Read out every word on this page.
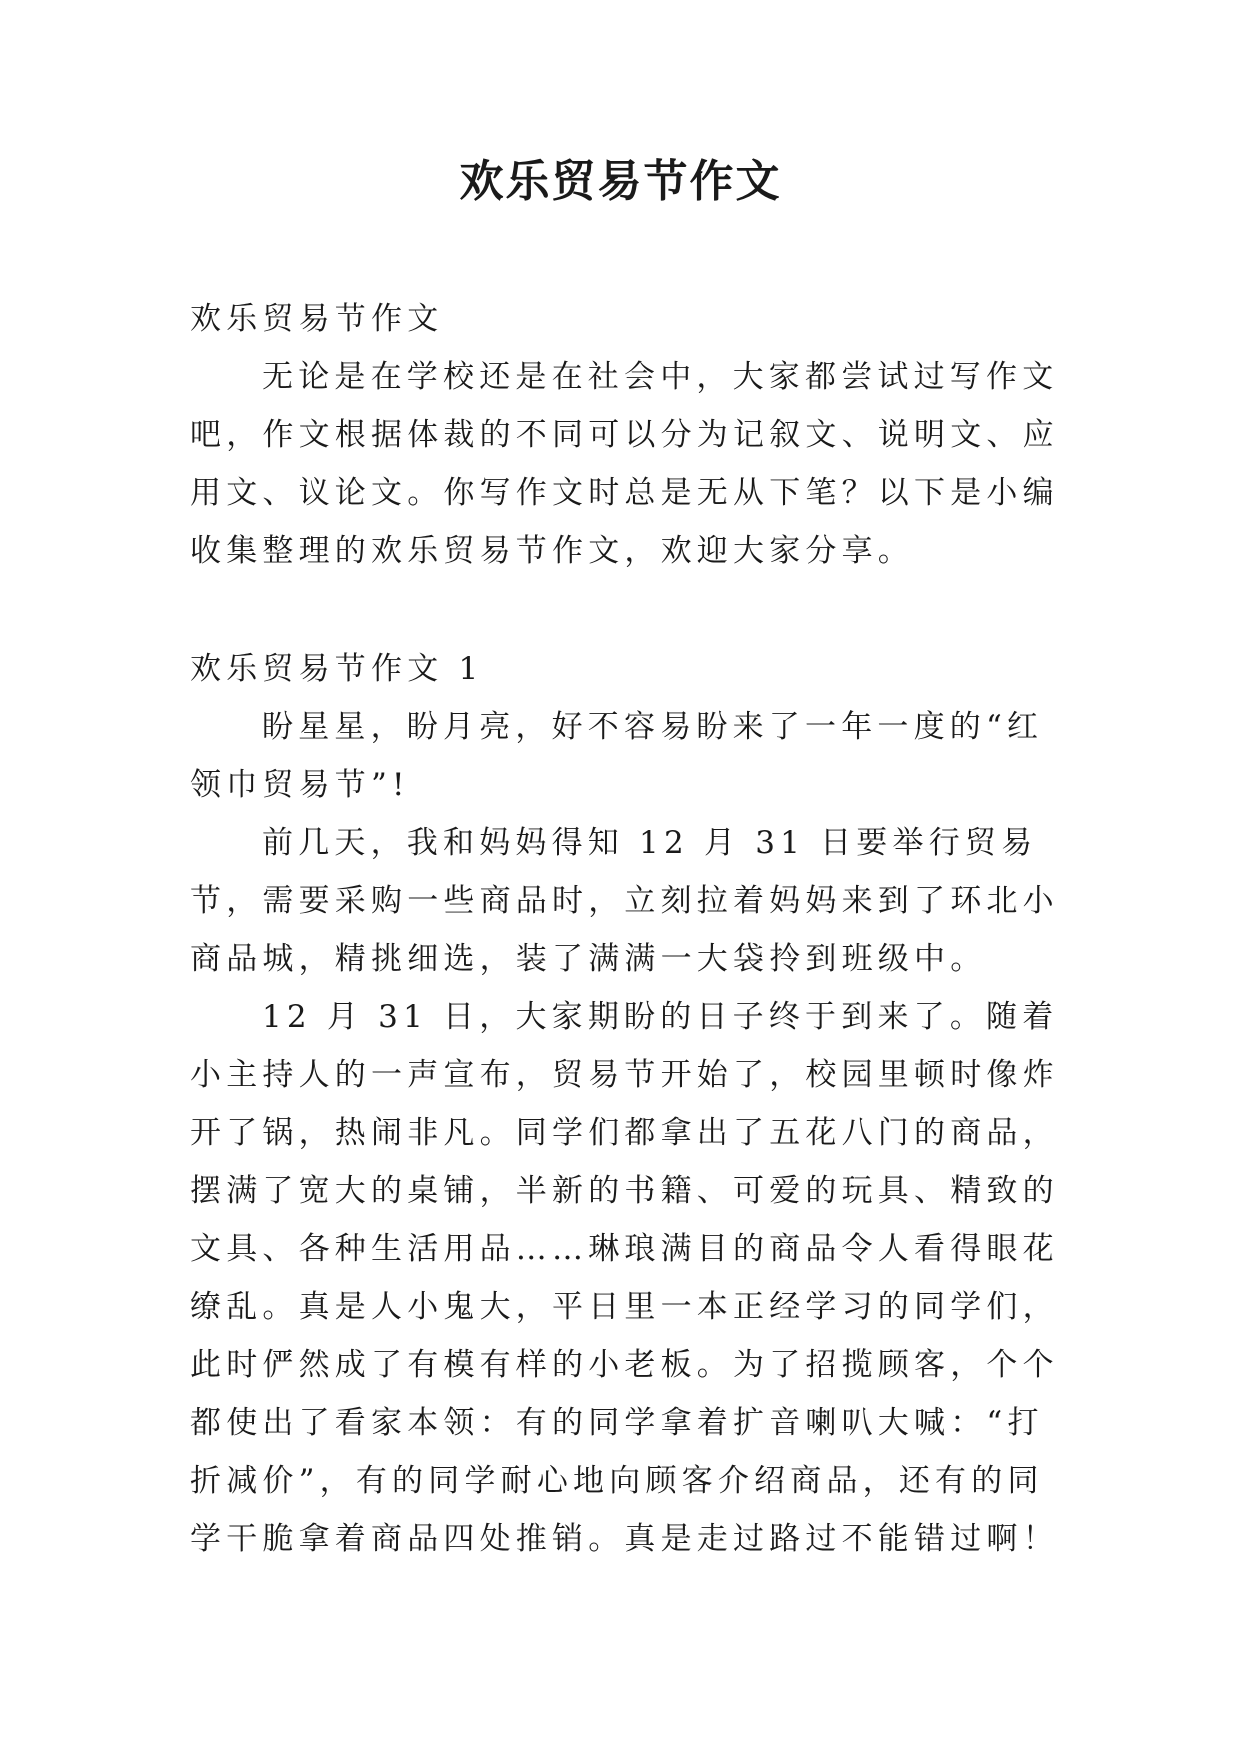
欢乐贸易节作文

欢乐贸易节作文

无论是在学校还是在社会中，大家都尝试过写作文吧，作文根据体裁的不同可以分为记叙文、说明文、应用文、议论文。你写作文时总是无从下笔？以下是小编收集整理的欢乐贸易节作文，欢迎大家分享。

欢乐贸易节作文 1

盼星星，盼月亮，好不容易盼来了一年一度的“红领巾贸易节”!

前几天，我和妈妈得知 12 月 31 日要举行贸易节，需要采购一些商品时，立刻拉着妈妈来到了环北小商品城，精挑细选，装了满满一大袋拎到班级中。

12 月 31 日，大家期盼的日子终于到来了。随着小主持人的一声宣布，贸易节开始了，校园里顿时像炸开了锅，热闹非凡。同学们都拿出了五花八门的商品，摆满了宽大的桌铺，半新的书籍、可爱的玩具、精致的文具、各种生活用品……琳琅满目的商品令人看得眼花缭乱。真是人小鬼大，平日里一本正经学习的同学们，此时俨然成了有模有样的小老板。为了招揽顾客，个个都使出了看家本领：有的同学拿着扩音喇叭大喊：“打折减价”，有的同学耐心地向顾客介绍商品，还有的同学干脆拿着商品四处推销。真是走过路过不能错过啊！
